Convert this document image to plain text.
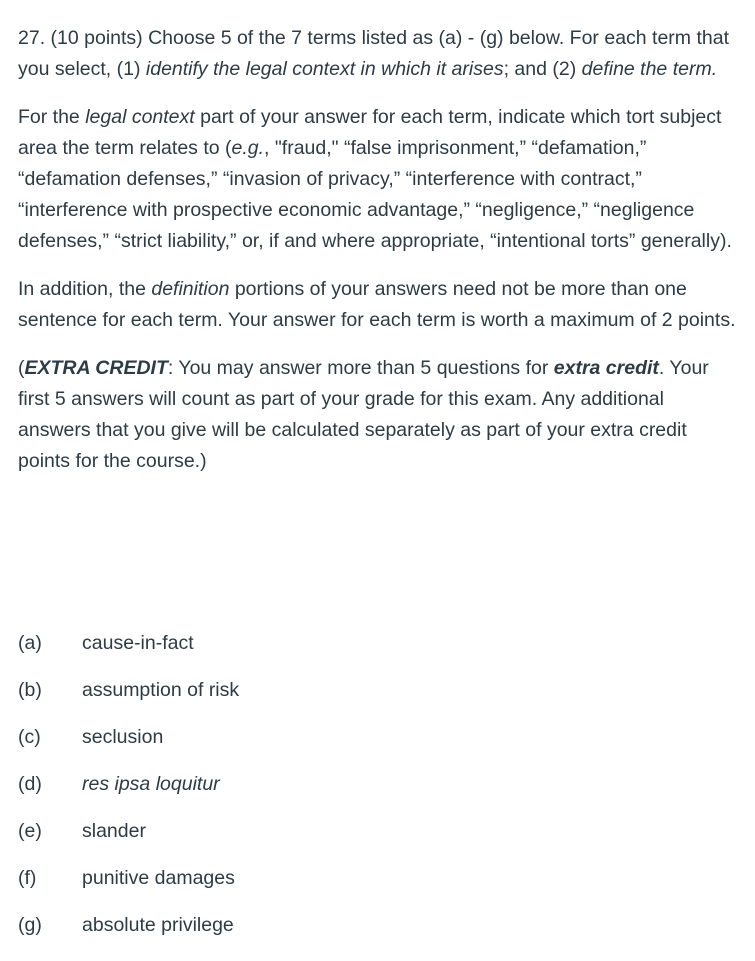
27. (10 points) Choose 5 of the 7 terms listed as (a) - (g) below. For each term that you select, (1) identify the legal context in which it arises; and (2) define the term.

For the legal context part of your answer for each term, indicate which tort subject area the term relates to (e.g., "fraud," “false imprisonment,” “defamation,” “defamation defenses,” “invasion of privacy,” “interference with contract,” “interference with prospective economic advantage,” “negligence,” “negligence defenses,” “strict liability,” or, if and where appropriate, “intentional torts” generally).

In addition, the definition portions of your answers need not be more than one sentence for each term. Your answer for each term is worth a maximum of 2 points.

(EXTRA CREDIT: You may answer more than 5 questions for extra credit. Your first 5 answers will count as part of your grade for this exam. Any additional answers that you give will be calculated separately as part of your extra credit points for the course.)

(a)	cause-in-fact
(b)	assumption of risk
(c)	seclusion
(d)	res ipsa loquitur
(e)	slander
(f)	punitive damages
(g)	absolute privilege
